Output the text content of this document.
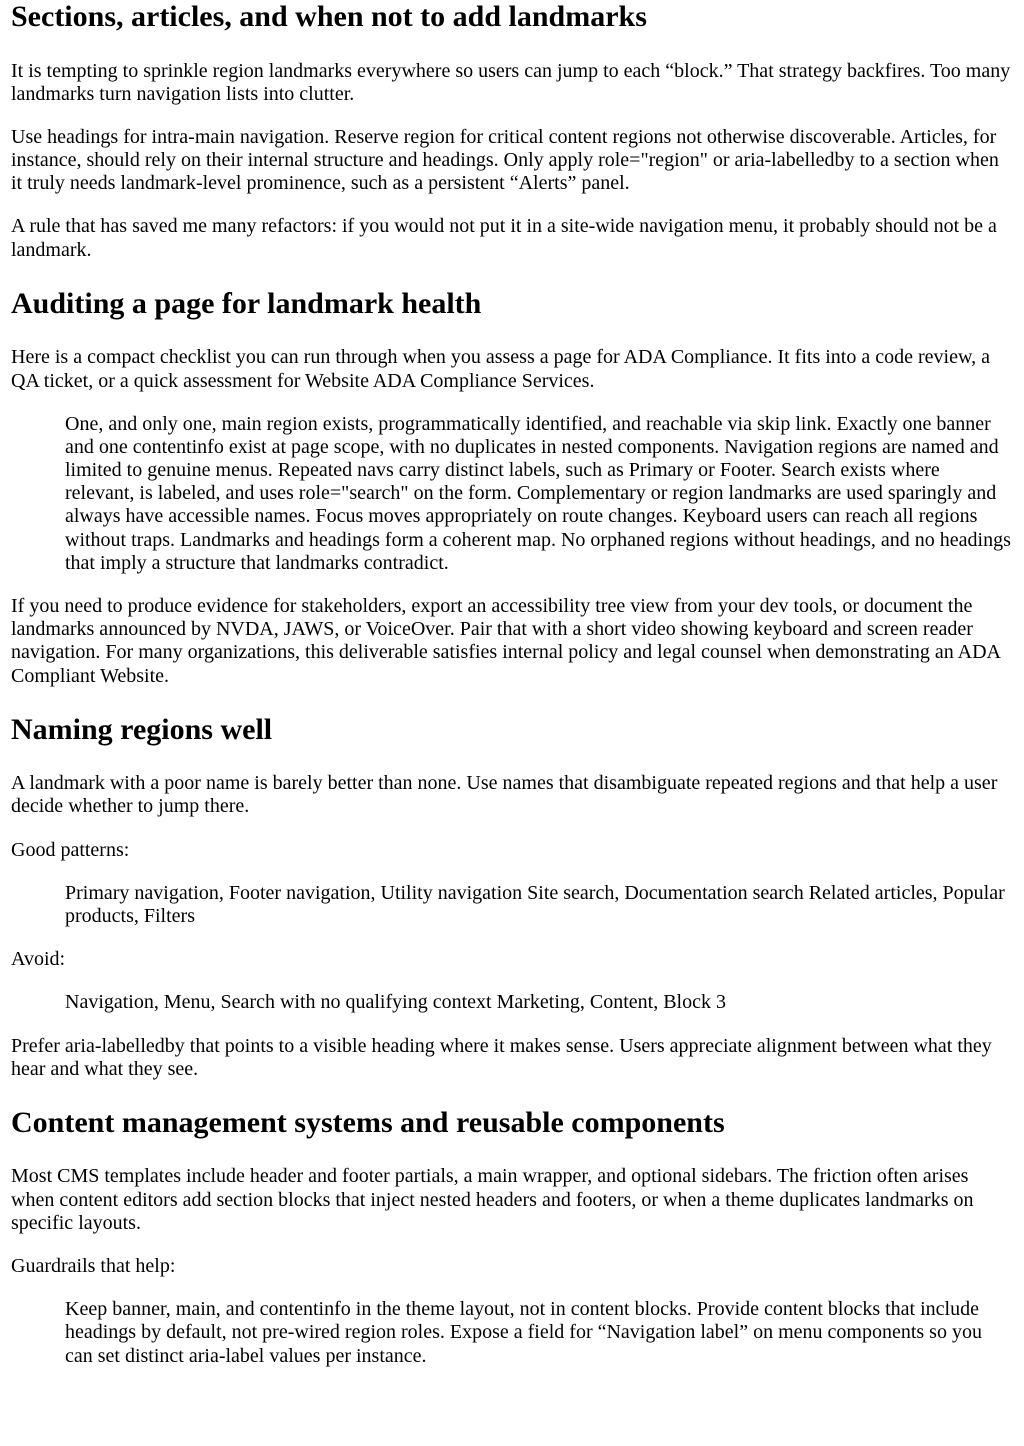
Sections, articles, and when not to add landmarks

It is tempting to sprinkle region landmarks everywhere so users can jump to each “block.” That strategy backfires. Too many landmarks turn navigation lists into clutter.

Use headings for intra-main navigation. Reserve region for critical content regions not otherwise discoverable. Articles, for instance, should rely on their internal structure and headings. Only apply role="region" or aria-labelledby to a section when it truly needs landmark-level prominence, such as a persistent “Alerts” panel.

A rule that has saved me many refactors: if you would not put it in a site-wide navigation menu, it probably should not be a landmark.

Auditing a page for landmark health

Here is a compact checklist you can run through when you assess a page for ADA Compliance. It fits into a code review, a QA ticket, or a quick assessment for Website ADA Compliance Services.

One, and only one, main region exists, programmatically identified, and reachable via skip link. Exactly one banner and one contentinfo exist at page scope, with no duplicates in nested components. Navigation regions are named and limited to genuine menus. Repeated navs carry distinct labels, such as Primary or Footer. Search exists where relevant, is labeled, and uses role="search" on the form. Complementary or region landmarks are used sparingly and always have accessible names. Focus moves appropriately on route changes. Keyboard users can reach all regions without traps. Landmarks and headings form a coherent map. No orphaned regions without headings, and no headings that imply a structure that landmarks contradict.

If you need to produce evidence for stakeholders, export an accessibility tree view from your dev tools, or document the landmarks announced by NVDA, JAWS, or VoiceOver. Pair that with a short video showing keyboard and screen reader navigation. For many organizations, this deliverable satisfies internal policy and legal counsel when demonstrating an ADA Compliant Website.

Naming regions well

A landmark with a poor name is barely better than none. Use names that disambiguate repeated regions and that help a user decide whether to jump there.

Good patterns:

Primary navigation, Footer navigation, Utility navigation Site search, Documentation search Related articles, Popular products, Filters

Avoid:

Navigation, Menu, Search with no qualifying context Marketing, Content, Block 3

Prefer aria-labelledby that points to a visible heading where it makes sense. Users appreciate alignment between what they hear and what they see.

Content management systems and reusable components

Most CMS templates include header and footer partials, a main wrapper, and optional sidebars. The friction often arises when content editors add section blocks that inject nested headers and footers, or when a theme duplicates landmarks on specific layouts.

Guardrails that help:

Keep banner, main, and contentinfo in the theme layout, not in content blocks. Provide content blocks that include headings by default, not pre-wired region roles. Expose a field for “Navigation label” on menu components so you can set distinct aria-label values per instance.
